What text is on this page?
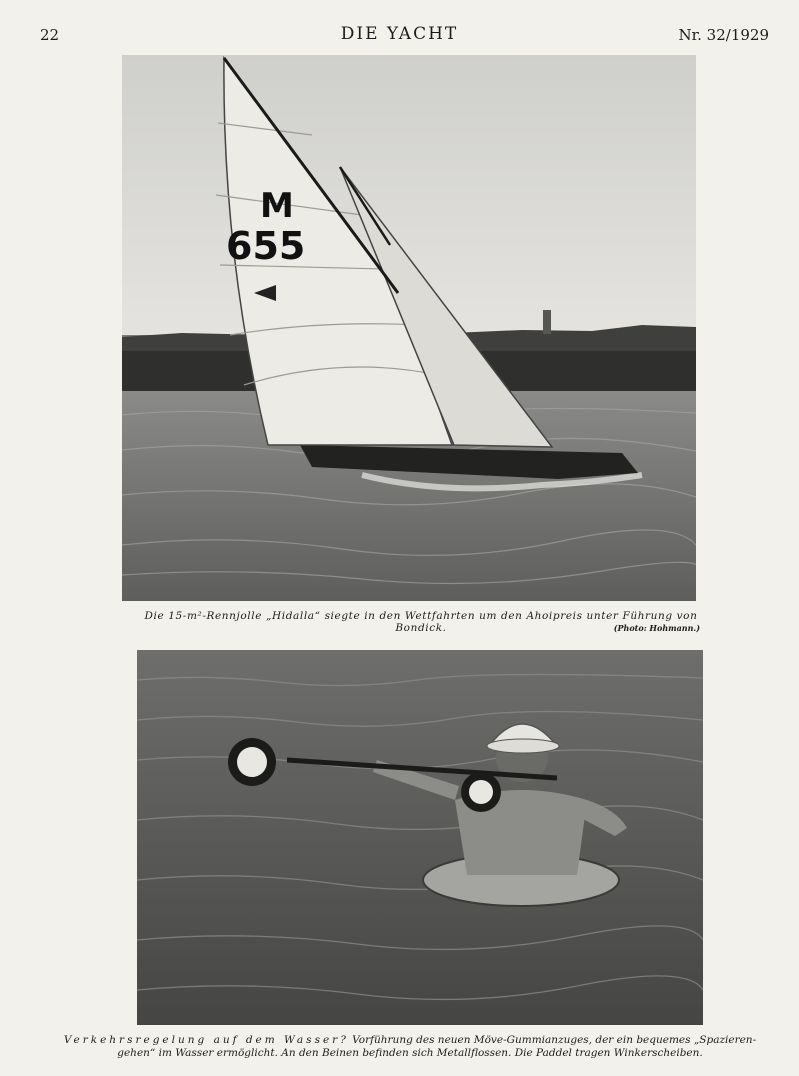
22	DIE YACHT	Nr. 32/1929
M
655
Die 15-m²-Rennjolle „Hidalla“ siegte in den Wettfahrten um den Ahoipreis unter Führung von Bondick.	(Photo: Hohmann.)
Verkehrsregelung auf dem Wasser? Vorführung des neuen Möve-Gummianzuges, der ein bequemes „Spazieren-gehen“ im Wasser ermöglicht. An den Beinen befinden sich Metallflossen. Die Paddel tragen Winkerscheiben.
